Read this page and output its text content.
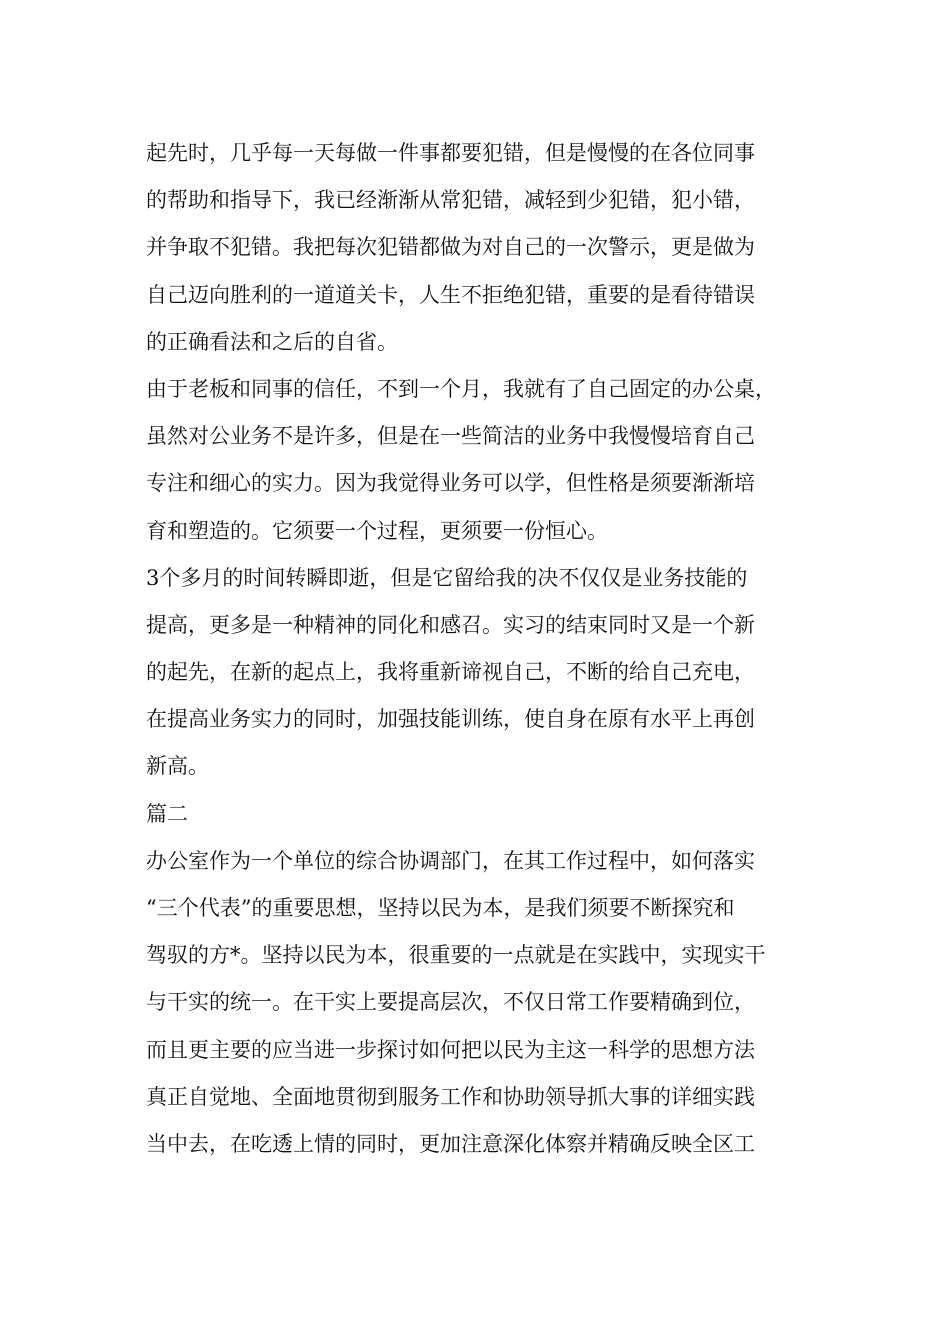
起先时，几乎每一天每做一件事都要犯错，但是慢慢的在各位同事
的帮助和指导下，我已经渐渐从常犯错，减轻到少犯错，犯小错，
并争取不犯错。我把每次犯错都做为对自己的一次警示，更是做为
自己迈向胜利的一道道关卡，人生不拒绝犯错，重要的是看待错误
的正确看法和之后的自省。
由于老板和同事的信任，不到一个月，我就有了自己固定的办公桌，
虽然对公业务不是许多，但是在一些简洁的业务中我慢慢培育自己
专注和细心的实力。因为我觉得业务可以学，但性格是须要渐渐培
育和塑造的。它须要一个过程，更须要一份恒心。
3个多月的时间转瞬即逝，但是它留给我的决不仅仅是业务技能的
提高，更多是一种精神的同化和感召。实习的结束同时又是一个新
的起先，在新的起点上，我将重新谛视自己，不断的给自己充电，
在提高业务实力的同时，加强技能训练，使自身在原有水平上再创
新高。
篇二
办公室作为一个单位的综合协调部门，在其工作过程中，如何落实
“三个代表”的重要思想，坚持以民为本，是我们须要不断探究和
驾驭的方*。坚持以民为本，很重要的一点就是在实践中，实现实干
与干实的统一。在干实上要提高层次，不仅日常工作要精确到位，
而且更主要的应当进一步探讨如何把以民为主这一科学的思想方法
真正自觉地、全面地贯彻到服务工作和协助领导抓大事的详细实践
当中去，在吃透上情的同时，更加注意深化体察并精确反映全区工
